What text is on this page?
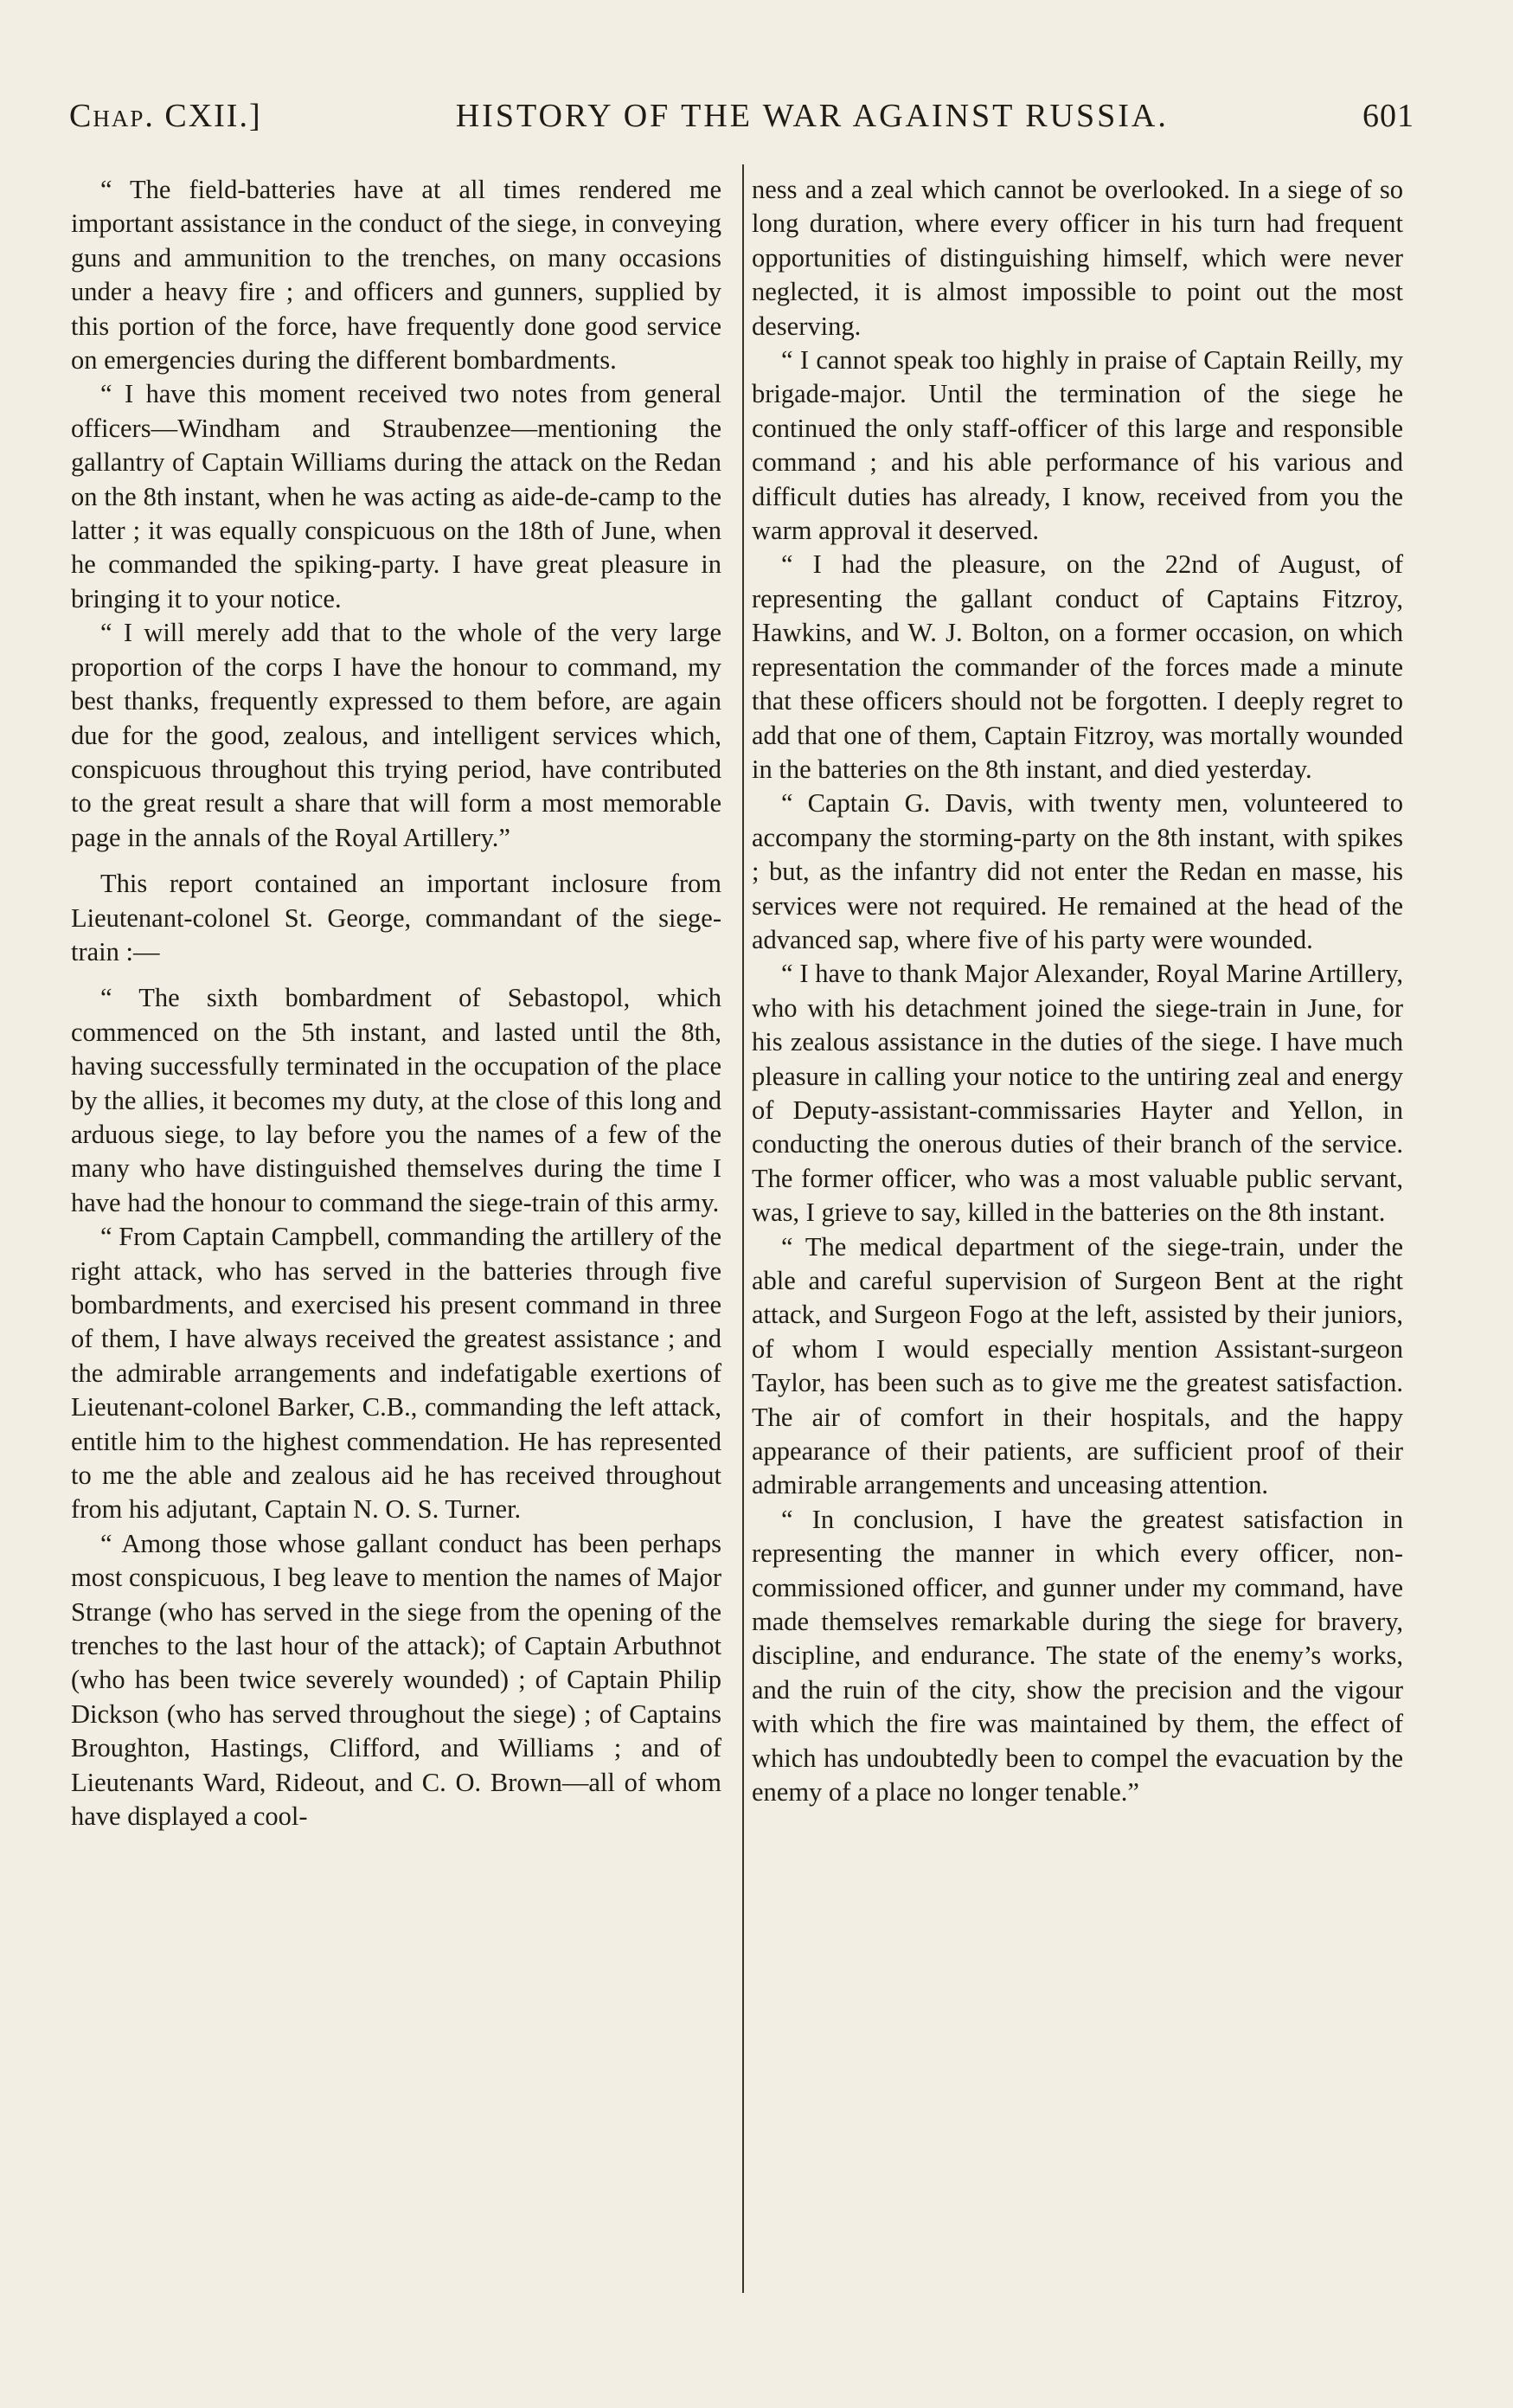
Chap. CXII.]	HISTORY OF THE WAR AGAINST RUSSIA.	601

“ The field-batteries have at all times rendered me important assistance in the conduct of the siege, in conveying guns and ammunition to the trenches, on many occasions under a heavy fire ; and officers and gunners, supplied by this portion of the force, have frequently done good service on emergencies during the different bombardments.

“ I have this moment received two notes from general officers—Windham and Straubenzee—mentioning the gallantry of Captain Williams during the attack on the Redan on the 8th instant, when he was acting as aide-de-camp to the latter ; it was equally conspicuous on the 18th of June, when he commanded the spiking-party. I have great pleasure in bringing it to your notice.

“ I will merely add that to the whole of the very large proportion of the corps I have the honour to command, my best thanks, frequently expressed to them before, are again due for the good, zealous, and intelligent services which, conspicuous throughout this trying period, have contributed to the great result a share that will form a most memorable page in the annals of the Royal Artillery.”

This report contained an important inclosure from Lieutenant-colonel St. George, commandant of the siege-train :—

“ The sixth bombardment of Sebastopol, which commenced on the 5th instant, and lasted until the 8th, having successfully terminated in the occupation of the place by the allies, it becomes my duty, at the close of this long and arduous siege, to lay before you the names of a few of the many who have distinguished themselves during the time I have had the honour to command the siege-train of this army.

“ From Captain Campbell, commanding the artillery of the right attack, who has served in the batteries through five bombardments, and exercised his present command in three of them, I have always received the greatest assistance ; and the admirable arrangements and indefatigable exertions of Lieutenant-colonel Barker, C.B., commanding the left attack, entitle him to the highest commendation. He has represented to me the able and zealous aid he has received throughout from his adjutant, Captain N. O. S. Turner.

“ Among those whose gallant conduct has been perhaps most conspicuous, I beg leave to mention the names of Major Strange (who has served in the siege from the opening of the trenches to the last hour of the attack); of Captain Arbuthnot (who has been twice severely wounded) ; of Captain Philip Dickson (who has served throughout the siege) ; of Captains Broughton, Hastings, Clifford, and Williams ; and of Lieutenants Ward, Rideout, and C. O. Brown—all of whom have displayed a cool-

ness and a zeal which cannot be overlooked. In a siege of so long duration, where every officer in his turn had frequent opportunities of distinguishing himself, which were never neglected, it is almost impossible to point out the most deserving.

“ I cannot speak too highly in praise of Captain Reilly, my brigade-major. Until the termination of the siege he continued the only staff-officer of this large and responsible command ; and his able performance of his various and difficult duties has already, I know, received from you the warm approval it deserved.

“ I had the pleasure, on the 22nd of August, of representing the gallant conduct of Captains Fitzroy, Hawkins, and W. J. Bolton, on a former occasion, on which representation the commander of the forces made a minute that these officers should not be forgotten. I deeply regret to add that one of them, Captain Fitzroy, was mortally wounded in the batteries on the 8th instant, and died yesterday.

“ Captain G. Davis, with twenty men, volunteered to accompany the storming-party on the 8th instant, with spikes ; but, as the infantry did not enter the Redan en masse, his services were not required. He remained at the head of the advanced sap, where five of his party were wounded.

“ I have to thank Major Alexander, Royal Marine Artillery, who with his detachment joined the siege-train in June, for his zealous assistance in the duties of the siege. I have much pleasure in calling your notice to the untiring zeal and energy of Deputy-assistant-commissaries Hayter and Yellon, in conducting the onerous duties of their branch of the service. The former officer, who was a most valuable public servant, was, I grieve to say, killed in the batteries on the 8th instant.

“ The medical department of the siege-train, under the able and careful supervision of Surgeon Bent at the right attack, and Surgeon Fogo at the left, assisted by their juniors, of whom I would especially mention Assistant-surgeon Taylor, has been such as to give me the greatest satisfaction. The air of comfort in their hospitals, and the happy appearance of their patients, are sufficient proof of their admirable arrangements and unceasing attention.

“ In conclusion, I have the greatest satisfaction in representing the manner in which every officer, non-commissioned officer, and gunner under my command, have made themselves remarkable during the siege for bravery, discipline, and endurance. The state of the enemy’s works, and the ruin of the city, show the precision and the vigour with which the fire was maintained by them, the effect of which has undoubtedly been to compel the evacuation by the enemy of a place no longer tenable.”
